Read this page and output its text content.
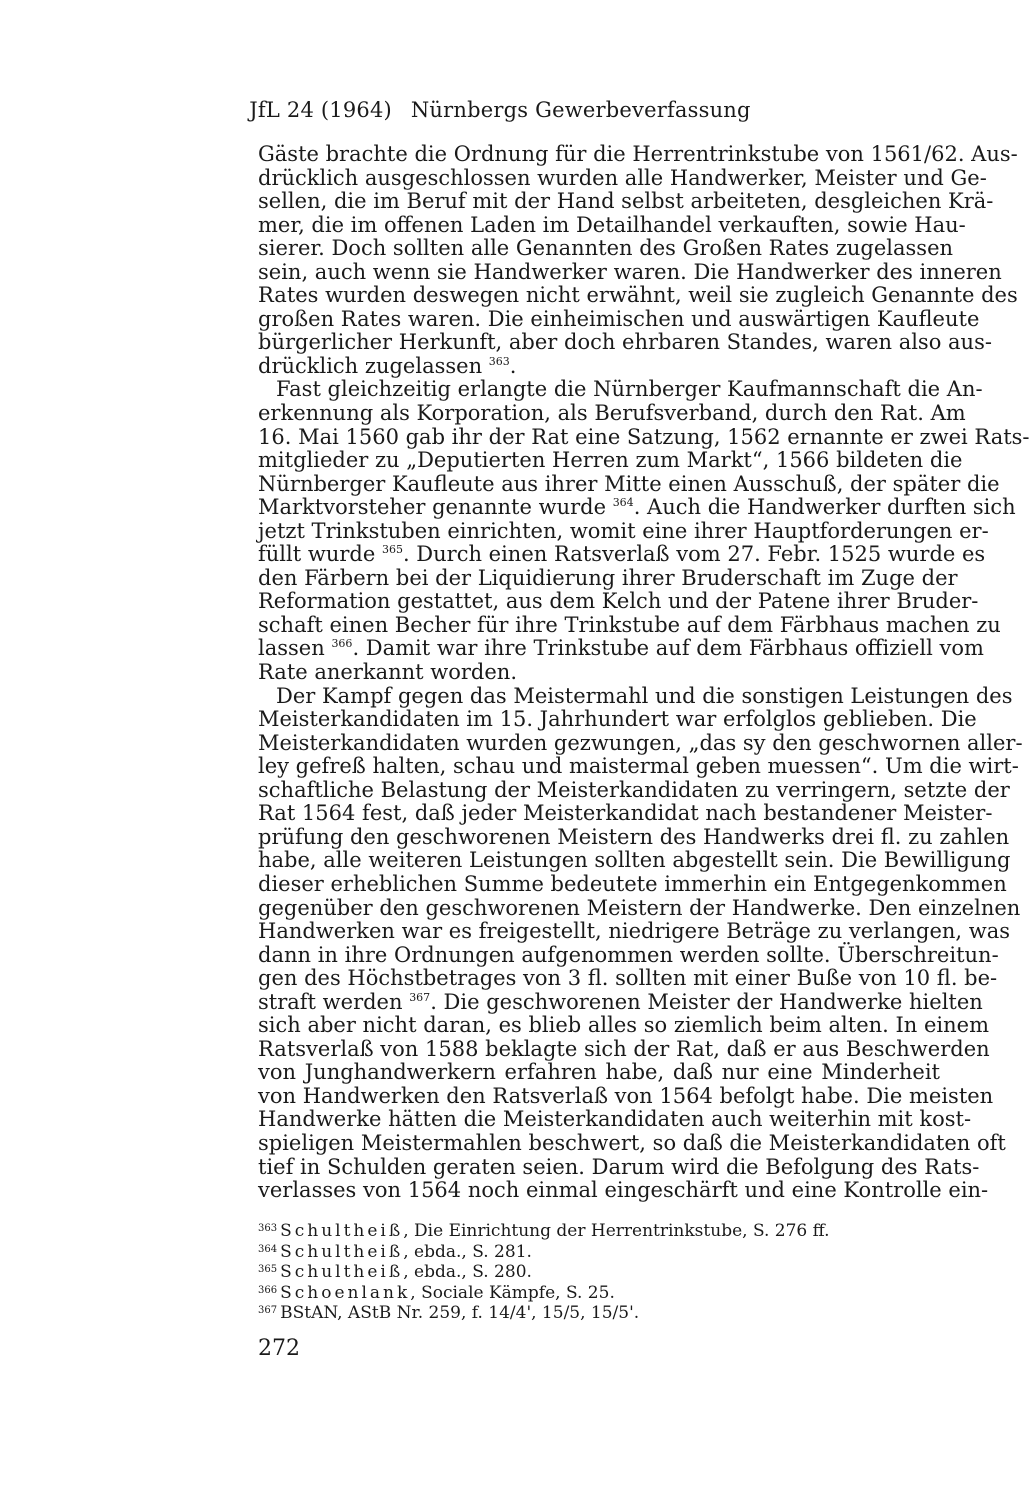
JfL 24 (1964) Nürnbergs Gewerbeverfassung
Gäste brachte die Ordnung für die Herrentrinkstube von 1561/62. Aus-
drücklich ausgeschlossen wurden alle Handwerker, Meister und Ge-
sellen, die im Beruf mit der Hand selbst arbeiteten, desgleichen Krä-
mer, die im offenen Laden im Detailhandel verkauften, sowie Hau-
sierer. Doch sollten alle Genannten des Großen Rates zugelassen
sein, auch wenn sie Handwerker waren. Die Handwerker des inneren
Rates wurden deswegen nicht erwähnt, weil sie zugleich Genannte des
großen Rates waren. Die einheimischen und auswärtigen Kaufleute
bürgerlicher Herkunft, aber doch ehrbaren Standes, waren also aus-
drücklich zugelassen $^{363}$.
Fast gleichzeitig erlangte die Nürnberger Kaufmannschaft die An-
erkennung als Korporation, als Berufsverband, durch den Rat. Am
16. Mai 1560 gab ihr der Rat eine Satzung, 1562 ernannte er zwei Rats-
mitglieder zu „Deputierten Herren zum Markt“, 1566 bildeten die
Nürnberger Kaufleute aus ihrer Mitte einen Ausschuß, der später die
Marktvorsteher genannte wurde $^{364}$. Auch die Handwerker durften sich
jetzt Trinkstuben einrichten, womit eine ihrer Hauptforderungen er-
füllt wurde $^{365}$. Durch einen Ratsverlaß vom 27. Febr. 1525 wurde es
den Färbern bei der Liquidierung ihrer Bruderschaft im Zuge der
Reformation gestattet, aus dem Kelch und der Patene ihrer Bruder-
schaft einen Becher für ihre Trinkstube auf dem Färbhaus machen zu
lassen $^{366}$. Damit war ihre Trinkstube auf dem Färbhaus offiziell vom
Rate anerkannt worden.
Der Kampf gegen das Meistermahl und die sonstigen Leistungen des
Meisterkandidaten im 15. Jahrhundert war erfolglos geblieben. Die
Meisterkandidaten wurden gezwungen, „das sy den geschwornen aller-
ley gefreß halten, schau und maistermal geben muessen“. Um die wirt-
schaftliche Belastung der Meisterkandidaten zu verringern, setzte der
Rat 1564 fest, daß jeder Meisterkandidat nach bestandener Meister-
prüfung den geschworenen Meistern des Handwerks drei fl. zu zahlen
habe, alle weiteren Leistungen sollten abgestellt sein. Die Bewilligung
dieser erheblichen Summe bedeutete immerhin ein Entgegenkommen
gegenüber den geschworenen Meistern der Handwerke. Den einzelnen
Handwerken war es freigestellt, niedrigere Beträge zu verlangen, was
dann in ihre Ordnungen aufgenommen werden sollte. Überschreitun-
gen des Höchstbetrages von 3 fl. sollten mit einer Buße von 10 fl. be-
straft werden $^{367}$. Die geschworenen Meister der Handwerke hielten
sich aber nicht daran, es blieb alles so ziemlich beim alten. In einem
Ratsverlaß von 1588 beklagte sich der Rat, daß er aus Beschwerden
von Junghandwerkern erfahren habe, daß nur eine Minderheit
von Handwerken den Ratsverlaß von 1564 befolgt habe. Die meisten
Handwerke hätten die Meisterkandidaten auch weiterhin mit kost-
spieligen Meistermahlen beschwert, so daß die Meisterkandidaten oft
tief in Schulden geraten seien. Darum wird die Befolgung des Rats-
verlasses von 1564 noch einmal eingeschärft und eine Kontrolle ein-
$^{363}$ Schultheiß, Die Einrichtung der Herrentrinkstube, S. 276 ff.
$^{364}$ Schultheiß, ebda., S. 281.
$^{365}$ Schultheiß, ebda., S. 280.
$^{366}$ Schoenlank, Sociale Kämpfe, S. 25.
$^{367}$ BStAN, AStB Nr. 259, f. 14/4', 15/5, 15/5'.
272
